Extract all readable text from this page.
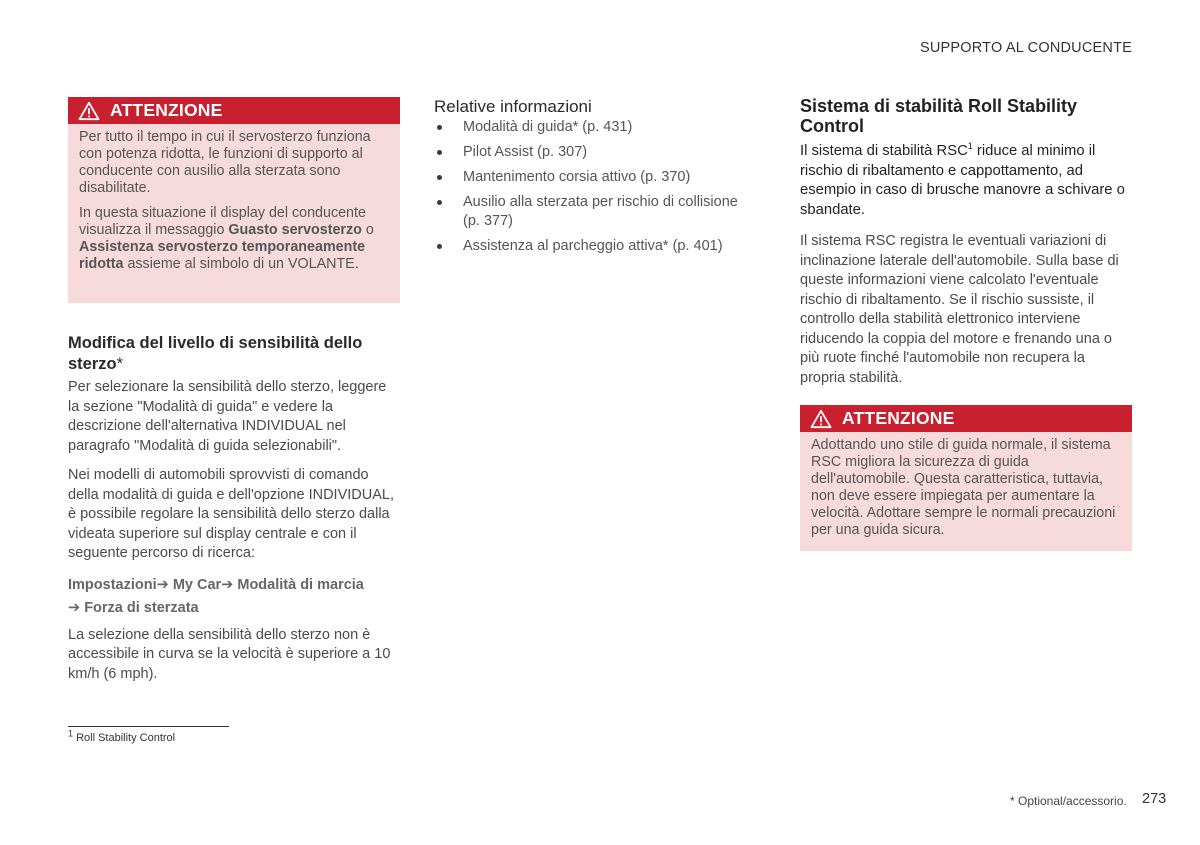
SUPPORTO AL CONDUCENTE
ATTENZIONE

Per tutto il tempo in cui il servosterzo funziona con potenza ridotta, le funzioni di supporto al conducente con ausilio alla sterzata sono disabilitate.

In questa situazione il display del conducente visualizza il messaggio Guasto servosterzo o Assistenza servosterzo temporaneamente ridotta assieme al simbolo di un VOLANTE.

Modifica del livello di sensibilità dello sterzo*

Per selezionare la sensibilità dello sterzo, leggere la sezione "Modalità di guida" e vedere la descrizione dell'alternativa INDIVIDUAL nel paragrafo "Modalità di guida selezionabili".

Nei modelli di automobili sprovvisti di comando della modalità di guida e dell'opzione INDIVIDUAL, è possibile regolare la sensibilità dello sterzo dalla videata superiore sul display centrale e con il seguente percorso di ricerca:

Impostazioni➔ My Car➔ Modalità di marcia
➔ Forza di sterzata

La selezione della sensibilità dello sterzo non è accessibile in curva se la velocità è superiore a 10 km/h (6 mph).

Relative informazioni
Modalità di guida* (p. 431)
Pilot Assist (p. 307)
Mantenimento corsia attivo (p. 370)
Ausilio alla sterzata per rischio di collisione (p. 377)
Assistenza al parcheggio attiva* (p. 401)
Sistema di stabilità Roll Stability Control

Il sistema di stabilità RSC$^1$ riduce al minimo il rischio di ribaltamento e cappottamento, ad esempio in caso di brusche manovre a schivare o sbandate.

Il sistema RSC registra le eventuali variazioni di inclinazione laterale dell'automobile. Sulla base di queste informazioni viene calcolato l'eventuale rischio di ribaltamento. Se il rischio sussiste, il controllo della stabilità elettronico interviene riducendo la coppia del motore e frenando una o più ruote finché l'automobile non recupera la propria stabilità.

ATTENZIONE

Adottando uno stile di guida normale, il sistema RSC migliora la sicurezza di guida dell'automobile. Questa caratteristica, tuttavia, non deve essere impiegata per aumentare la velocità. Adottare sempre le normali precauzioni per una guida sicura.

$^1$ Roll Stability Control
* Optional/accessorio. 273
